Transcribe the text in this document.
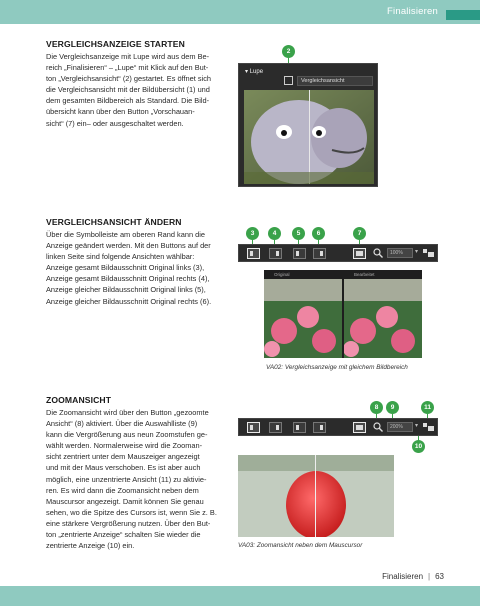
Finalisieren
VERGLEICHSANZEIGE STARTEN

Die Vergleichsanzeige mit Lupe wird aus dem Be-
reich „Finalisieren“ – „Lupe“ mit Klick auf den But-
ton „Vergleichsansicht“ (2) gestartet. Es öffnet sich
die Vergleichsansicht mit der Bildübersicht (1) und
dem gesamten Bildbereich als Standard. Die Bild-
übersicht kann über den Button „Vorschauan-
sicht“ (7) ein– oder ausgeschaltet werden.

2
▾ Lupe
Vergleichsansicht
VERGLEICHSANSICHT ÄNDERN

Über die Symbolleiste am oberen Rand kann die
Anzeige geändert werden. Mit den Buttons auf der
linken Seite sind folgende Ansichten wählbar:
Anzeige gesamt Bildausschnitt Original links (3),
Anzeige gesamt Bildausschnitt Original rechts (4),
Anzeige gleicher Bildausschnitt Original links (5),
Anzeige gleicher Bildausschnitt Original rechts (6).

3	4	5	6	7
100%	▾
Original	Bearbeitet
VA02: Vergleichsanzeige mit gleichem Bildbereich
ZOOMANSICHT

Die Zoomansicht wird über den Button „gezoomte
Ansicht“ (8) aktiviert. Über die Auswahlliste (9)
kann die Vergrößerung aus neun Zoomstufen ge-
wählt werden. Normalerweise wird die Zooman-
sicht zentriert unter dem Mauszeiger angezeigt
und mit der Maus verschoben. Es ist aber auch
möglich, eine unzentrierte Ansicht (11) zu aktivie-
ren. Es wird dann die Zoomansicht neben dem
Mauscursor angezeigt. Damit können Sie genau
sehen, wo die Spitze des Cursors ist, wenn Sie z. B.
eine stärkere Vergrößerung nutzen. Über den But-
ton „zentrierte Anzeige“ schalten Sie wieder die
zentrierte Anzeige (10) ein.

8	9	11
200%	▾
10
VA03: Zoomansicht neben dem Mauscursor
Finalisieren | 63
